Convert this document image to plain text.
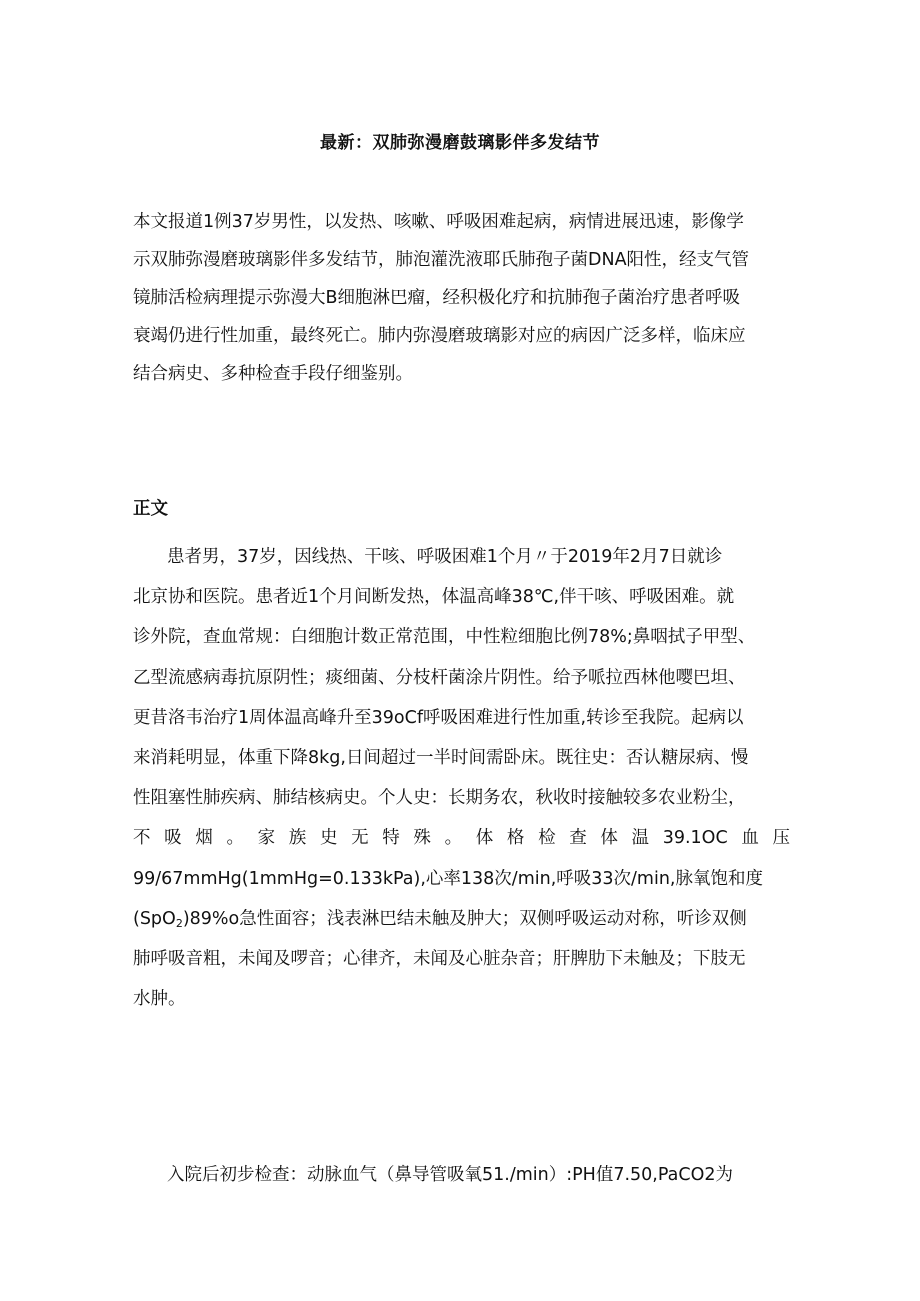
最新：双肺弥漫磨鼓璃影伴多发结节
本文报道1例37岁男性，以发热、咳嗽、呼吸困难起病，病情进展迅速，影像学
示双肺弥漫磨玻璃影伴多发结节，肺泡灌洗液耶氏肺孢子菌DNA阳性，经支气管
镜肺活检病理提示弥漫大B细胞淋巴瘤，经积极化疗和抗肺孢子菌治疗患者呼吸
衰竭仍进行性加重，最终死亡。肺内弥漫磨玻璃影对应的病因广泛多样，临床应
结合病史、多种检查手段仔细鉴别。
正文
患者男，37岁，因线热、干咳、呼吸困难1个月〃于2019年2月7日就诊
北京协和医院。患者近1个月间断发热，体温高峰38℃,伴干咳、呼吸困难。就
诊外院，查血常规：白细胞计数正常范围，中性粒细胞比例78%;鼻咽拭子甲型、
乙型流感病毒抗原阴性；痰细菌、分枝杆菌涂片阴性。给予哌拉西林他嘤巴坦、
更昔洛韦治疗1周体温高峰升至39oCf呼吸困难进行性加重,转诊至我院。起病以
来消耗明显，体重下降8kg,日间超过一半时间需卧床。既往史：否认糖尿病、慢
性阻塞性肺疾病、肺结核病史。个人史：长期务农，秋收时接触较多农业粉尘，
不吸烟。家族史无特殊。体格检查体温39.1OC血压
99/67mmHg(1mmHg=0.133kPa),心率138次/min,呼吸33次/min,脉氧饱和度
(SpO$_2$)89%o急性面容；浅表淋巴结未触及肿大；双侧呼吸运动对称，听诊双侧
肺呼吸音粗，未闻及啰音；心律齐，未闻及心脏杂音；肝脾肋下未触及；下肢无
水肿。
入院后初步检查：动脉血气（鼻导管吸氧51./min）:PH值7.50,PaCO2为
